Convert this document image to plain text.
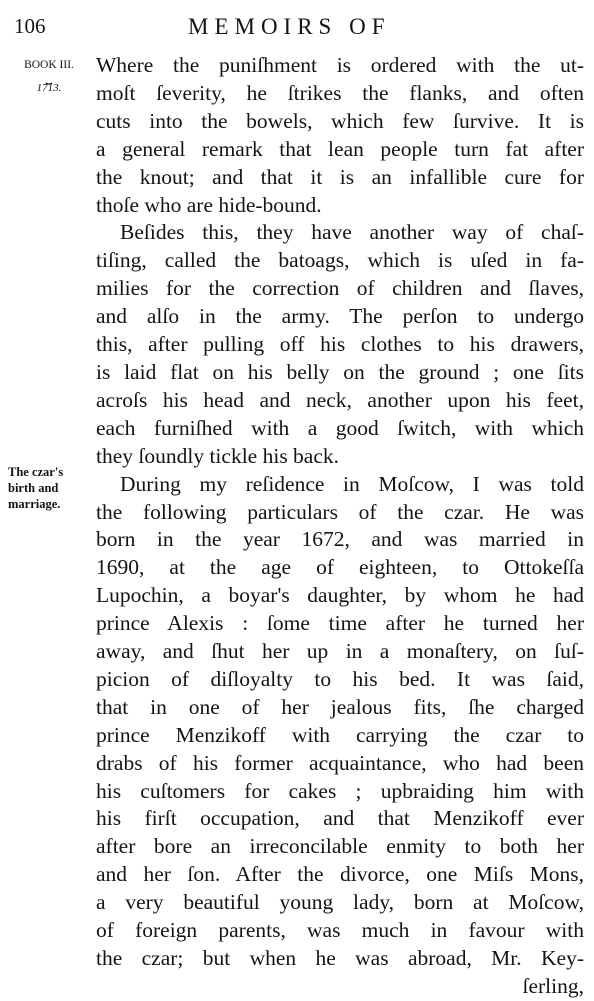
106	MEMOIRS OF
BOOK III.
⏟
1713.
The czar's
birth and
marriage.
Where the puniſhment is ordered with the ut-
moſt ſeverity, he ſtrikes the flanks, and often
cuts into the bowels, which few ſurvive. It is
a general remark that lean people turn fat after
the knout; and that it is an infallible cure for
thoſe who are hide-bound.
Beſides this, they have another way of chaſ-
tiſing, called the batoags, which is uſed in fa-
milies for the correction of children and ſlaves,
and alſo in the army. The perſon to undergo
this, after pulling off his clothes to his drawers,
is laid flat on his belly on the ground ; one ſits
acroſs his head and neck, another upon his feet,
each furniſhed with a good ſwitch, with which
they ſoundly tickle his back.
During my reſidence in Moſcow, I was told
the following particulars of the czar. He was
born in the year 1672, and was married in
1690, at the age of eighteen, to Ottokeſſa
Lupochin, a boyar's daughter, by whom he had
prince Alexis : ſome time after he turned her
away, and ſhut her up in a monaſtery, on ſuſ-
picion of diſloyalty to his bed. It was ſaid,
that in one of her jealous fits, ſhe charged
prince Menzikoff with carrying the czar to
drabs of his former acquaintance, who had been
his cuſtomers for cakes ; upbraiding him with
his firſt occupation, and that Menzikoff ever
after bore an irreconcilable enmity to both her
and her ſon. After the divorce, one Miſs Mons,
a very beautiful young lady, born at Moſcow,
of foreign parents, was much in favour with
the czar; but when he was abroad, Mr. Key-
ſerling,
